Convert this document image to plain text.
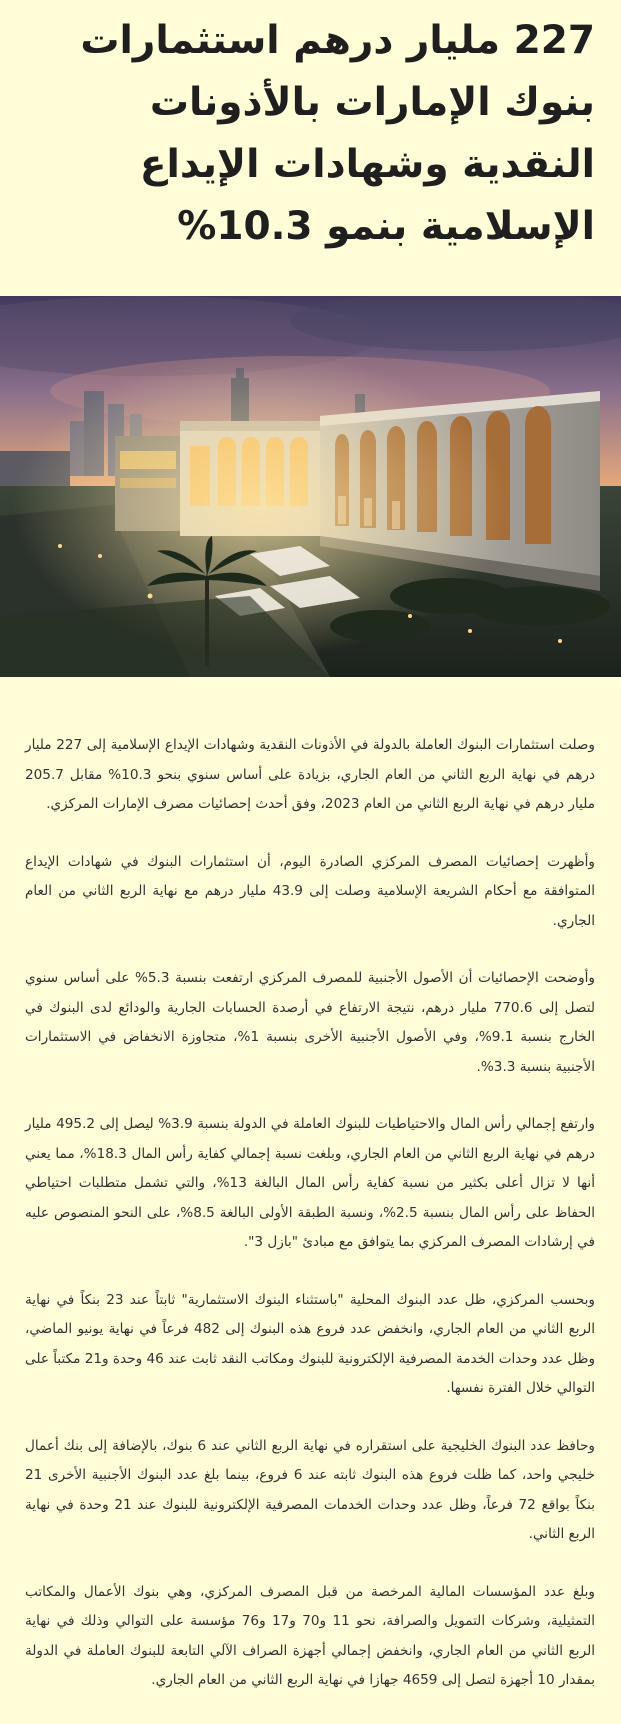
227 مليار درهم استثمارات بنوك الإمارات بالأذونات النقدية وشهادات الإيداع الإسلامية بنمو 10.3%

وصلت استثمارات البنوك العاملة بالدولة في الأذونات النقدية وشهادات الإيداع الإسلامية إلى 227 مليار درهم في نهاية الربع الثاني من العام الجاري، بزيادة على أساس سنوي بنحو 10.3% مقابل 205.7 مليار درهم في نهاية الربع الثاني من العام 2023، وفق أحدث إحصائيات مصرف الإمارات المركزي.

وأظهرت إحصائيات المصرف المركزي الصادرة اليوم، أن استثمارات البنوك في شهادات الإيداع المتوافقة مع أحكام الشريعة الإسلامية وصلت إلى 43.9 مليار درهم مع نهاية الربع الثاني من العام الجاري.

وأوضحت الإحصائيات أن الأصول الأجنبية للمصرف المركزي ارتفعت بنسبة 5.3% على أساس سنوي لتصل إلى 770.6 مليار درهم، نتيجة الارتفاع في أرصدة الحسابات الجارية والودائع لدى البنوك في الخارج بنسبة 9.1%، وفي الأصول الأجنبية الأخرى بنسبة 1%، متجاوزة الانخفاض في الاستثمارات الأجنبية بنسبة 3.3%.

وارتفع إجمالي رأس المال والاحتياطيات للبنوك العاملة في الدولة بنسبة 3.9% ليصل إلى 495.2 مليار درهم في نهاية الربع الثاني من العام الجاري، وبلغت نسبة إجمالي كفاية رأس المال 18.3%، مما يعني أنها لا تزال أعلى بكثير من نسبة كفاية رأس المال البالغة 13%، والتي تشمل متطلبات احتياطي الحفاظ على رأس المال بنسبة 2.5%، ونسبة الطبقة الأولى البالغة 8.5%، على النحو المنصوص عليه في إرشادات المصرف المركزي بما يتوافق مع مبادئ "بازل 3".

وبحسب المركزي، ظل عدد البنوك المحلية "باستثناء البنوك الاستثمارية" ثابتاً عند 23 بنكاً في نهاية الربع الثاني من العام الجاري، وانخفض عدد فروع هذه البنوك إلى 482 فرعاً في نهاية يونيو الماضي، وظل عدد وحدات الخدمة المصرفية الإلكترونية للبنوك ومكاتب النقد ثابت عند 46 وحدة و21 مكتباً على التوالي خلال الفترة نفسها.

وحافظ عدد البنوك الخليجية على استقراره في نهاية الربع الثاني عند 6 بنوك، بالإضافة إلى بنك أعمال خليجي واحد، كما ظلت فروع هذه البنوك ثابته عند 6 فروع، بينما بلغ عدد البنوك الأجنبية الأخرى 21 بنكاً بواقع 72 فرعاً، وظل عدد وحدات الخدمات المصرفية الإلكترونية للبنوك عند 21 وحدة في نهاية الربع الثاني.

وبلغ عدد المؤسسات المالية المرخصة من قبل المصرف المركزي، وهي بنوك الأعمال والمكاتب التمثيلية، وشركات التمويل والصرافة، نحو 11 و70 و17 و76 مؤسسة على التوالي وذلك في نهاية الربع الثاني من العام الجاري، وانخفض إجمالي أجهزة الصراف الآلي التابعة للبنوك العاملة في الدولة بمقدار 10 أجهزة لتصل إلى 4659 جهازا في نهاية الربع الثاني من العام الجاري.
